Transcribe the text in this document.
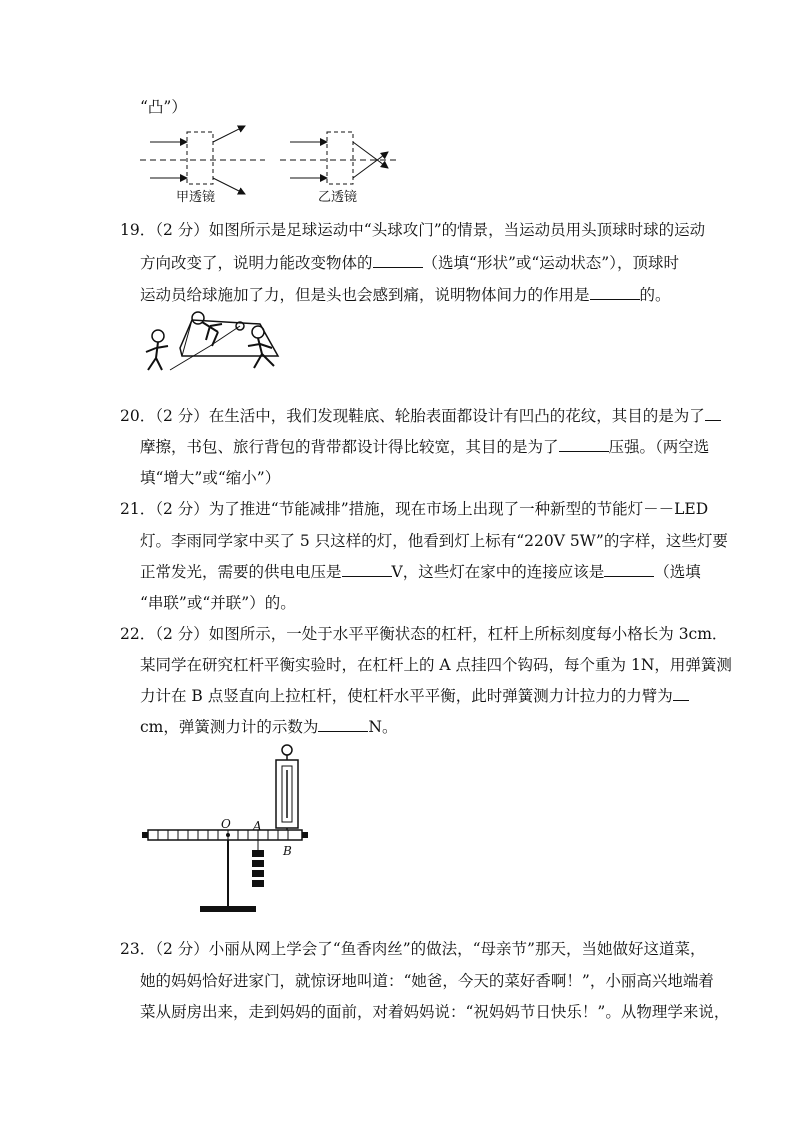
“凸”）
甲透镜	乙透镜
19．（2 分）如图所示是足球运动中“头球攻门”的情景，当运动员用头顶球时球的运动
方向改变了，说明力能改变物体的	（选填“形状”或“运动状态”），顶球时
运动员给球施加了力，但是头也会感到痛，说明物体间力的作用是	的。
20．（2 分）在生活中，我们发现鞋底、轮胎表面都设计有凹凸的花纹，其目的是为了
摩擦，书包、旅行背包的背带都设计得比较宽，其目的是为了	压强。（两空选
填“增大”或“缩小”）
21．（2 分）为了推进“节能减排”措施，现在市场上出现了一种新型的节能灯－－LED
灯。李雨同学家中买了 5 只这样的灯，他看到灯上标有“220V 5W”的字样，这些灯要
正常发光，需要的供电电压是	V，这些灯在家中的连接应该是	（选填
“串联”或“并联”）的。
22．（2 分）如图所示，一处于水平平衡状态的杠杆，杠杆上所标刻度每小格长为 3cm．
某同学在研究杠杆平衡实验时，在杠杆上的 A 点挂四个钩码，每个重为 1N，用弹簧测
力计在 B 点竖直向上拉杠杆，使杠杆水平平衡，此时弹簧测力计拉力的力臂为
cm，弹簧测力计的示数为	N。
O A
B
23．（2 分）小丽从网上学会了“鱼香肉丝”的做法，“母亲节”那天，当她做好这道菜，
她的妈妈恰好进家门，就惊讶地叫道：“她爸，今天的菜好香啊！”，小丽高兴地端着
菜从厨房出来，走到妈妈的面前，对着妈妈说：“祝妈妈节日快乐！”。从物理学来说，
